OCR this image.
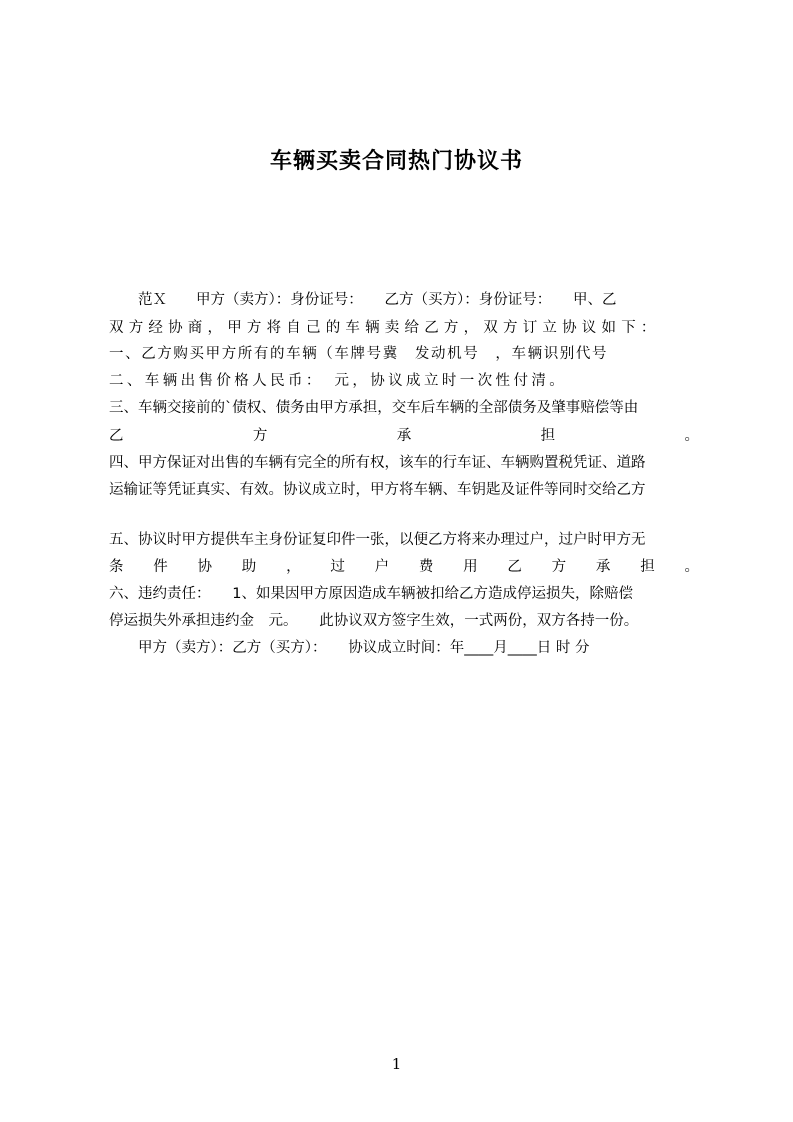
车辆买卖合同热门协议书
　　范Ｘ　　甲方（卖方）：身份证号：　　乙方（买方）：身份证号：　　甲、乙
双方经协商，甲方将自己的车辆卖给乙方，双方订立协议如下：
一、乙方购买甲方所有的车辆（车牌号冀　发动机号　，车辆识别代号
二、车辆出售价格人民币：　元，协议成立时一次性付清。
三、车辆交接前的`债权、债务由甲方承担，交车后车辆的全部债务及肇事赔偿等由
乙	方	承	担	。
四、甲方保证对出售的车辆有完全的所有权，该车的行车证、车辆购置税凭证、道路
运输证等凭证真实、有效。协议成立时，甲方将车辆、车钥匙及证件等同时交给乙方
五、协议时甲方提供车主身份证复印件一张，以便乙方将来办理过户，过户时甲方无
条 件 协 助 ， 过 户 费 用 乙 方 承 担 。
六、违约责任：　　1、如果因甲方原因造成车辆被扣给乙方造成停运损失，除赔偿
停运损失外承担违约金　元。　　此协议双方签字生效，一式两份，双方各持一份。
　　甲方（卖方）：乙方（买方）：　　协议成立时间：年____月____日 时 分
1
